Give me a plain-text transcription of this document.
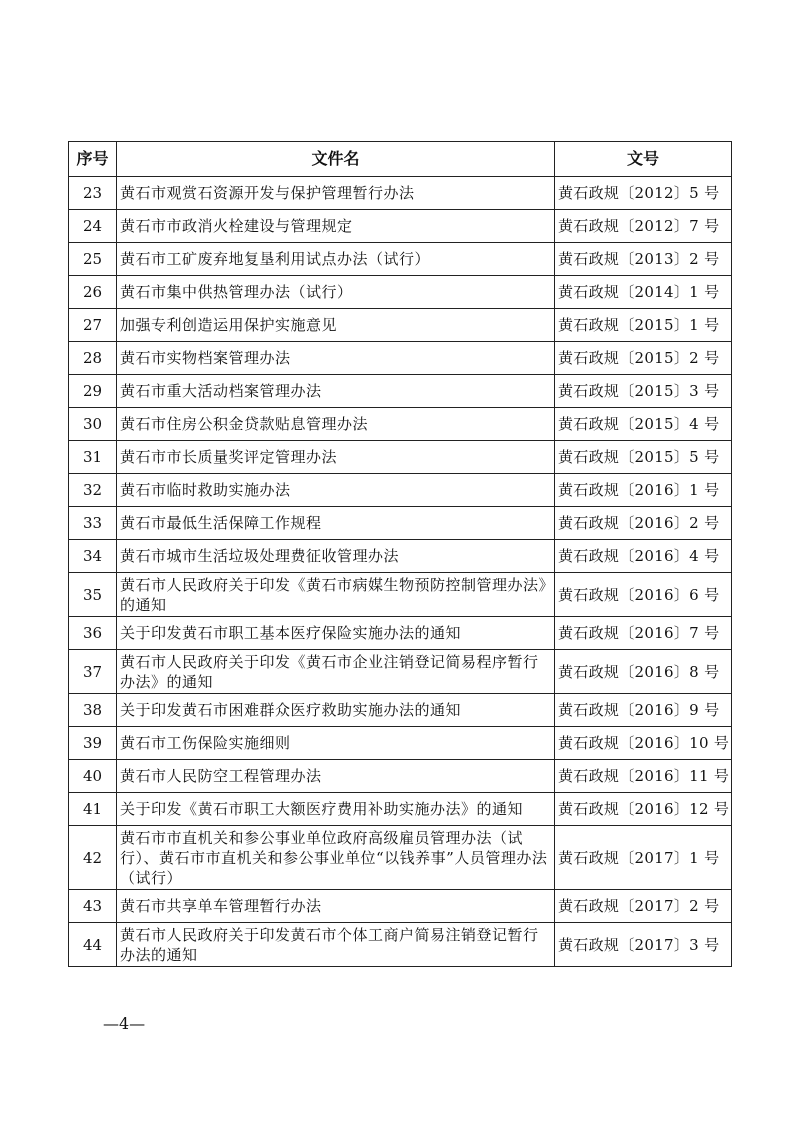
序号	文件名	文号
23	黄石市观赏石资源开发与保护管理暂行办法	黄石政规〔2012〕5 号
24	黄石市市政消火栓建设与管理规定	黄石政规〔2012〕7 号
25	黄石市工矿废弃地复垦利用试点办法（试行）	黄石政规〔2013〕2 号
26	黄石市集中供热管理办法（试行）	黄石政规〔2014〕1 号
27	加强专利创造运用保护实施意见	黄石政规〔2015〕1 号
28	黄石市实物档案管理办法	黄石政规〔2015〕2 号
29	黄石市重大活动档案管理办法	黄石政规〔2015〕3 号
30	黄石市住房公积金贷款贴息管理办法	黄石政规〔2015〕4 号
31	黄石市市长质量奖评定管理办法	黄石政规〔2015〕5 号
32	黄石市临时救助实施办法	黄石政规〔2016〕1 号
33	黄石市最低生活保障工作规程	黄石政规〔2016〕2 号
34	黄石市城市生活垃圾处理费征收管理办法	黄石政规〔2016〕4 号
35	黄石市人民政府关于印发《黄石市病媒生物预防控制管理办法》的通知	黄石政规〔2016〕6 号
36	关于印发黄石市职工基本医疗保险实施办法的通知	黄石政规〔2016〕7 号
37	黄石市人民政府关于印发《黄石市企业注销登记简易程序暂行办法》的通知	黄石政规〔2016〕8 号
38	关于印发黄石市困难群众医疗救助实施办法的通知	黄石政规〔2016〕9 号
39	黄石市工伤保险实施细则	黄石政规〔2016〕10 号
40	黄石市人民防空工程管理办法	黄石政规〔2016〕11 号
41	关于印发《黄石市职工大额医疗费用补助实施办法》的通知	黄石政规〔2016〕12 号
42	黄石市市直机关和参公事业单位政府高级雇员管理办法（试行）、黄石市市直机关和参公事业单位“以钱养事”人员管理办法（试行）	黄石政规〔2017〕1 号
43	黄石市共享单车管理暂行办法	黄石政规〔2017〕2 号
44	黄石市人民政府关于印发黄石市个体工商户简易注销登记暂行办法的通知	黄石政规〔2017〕3 号
—4—
